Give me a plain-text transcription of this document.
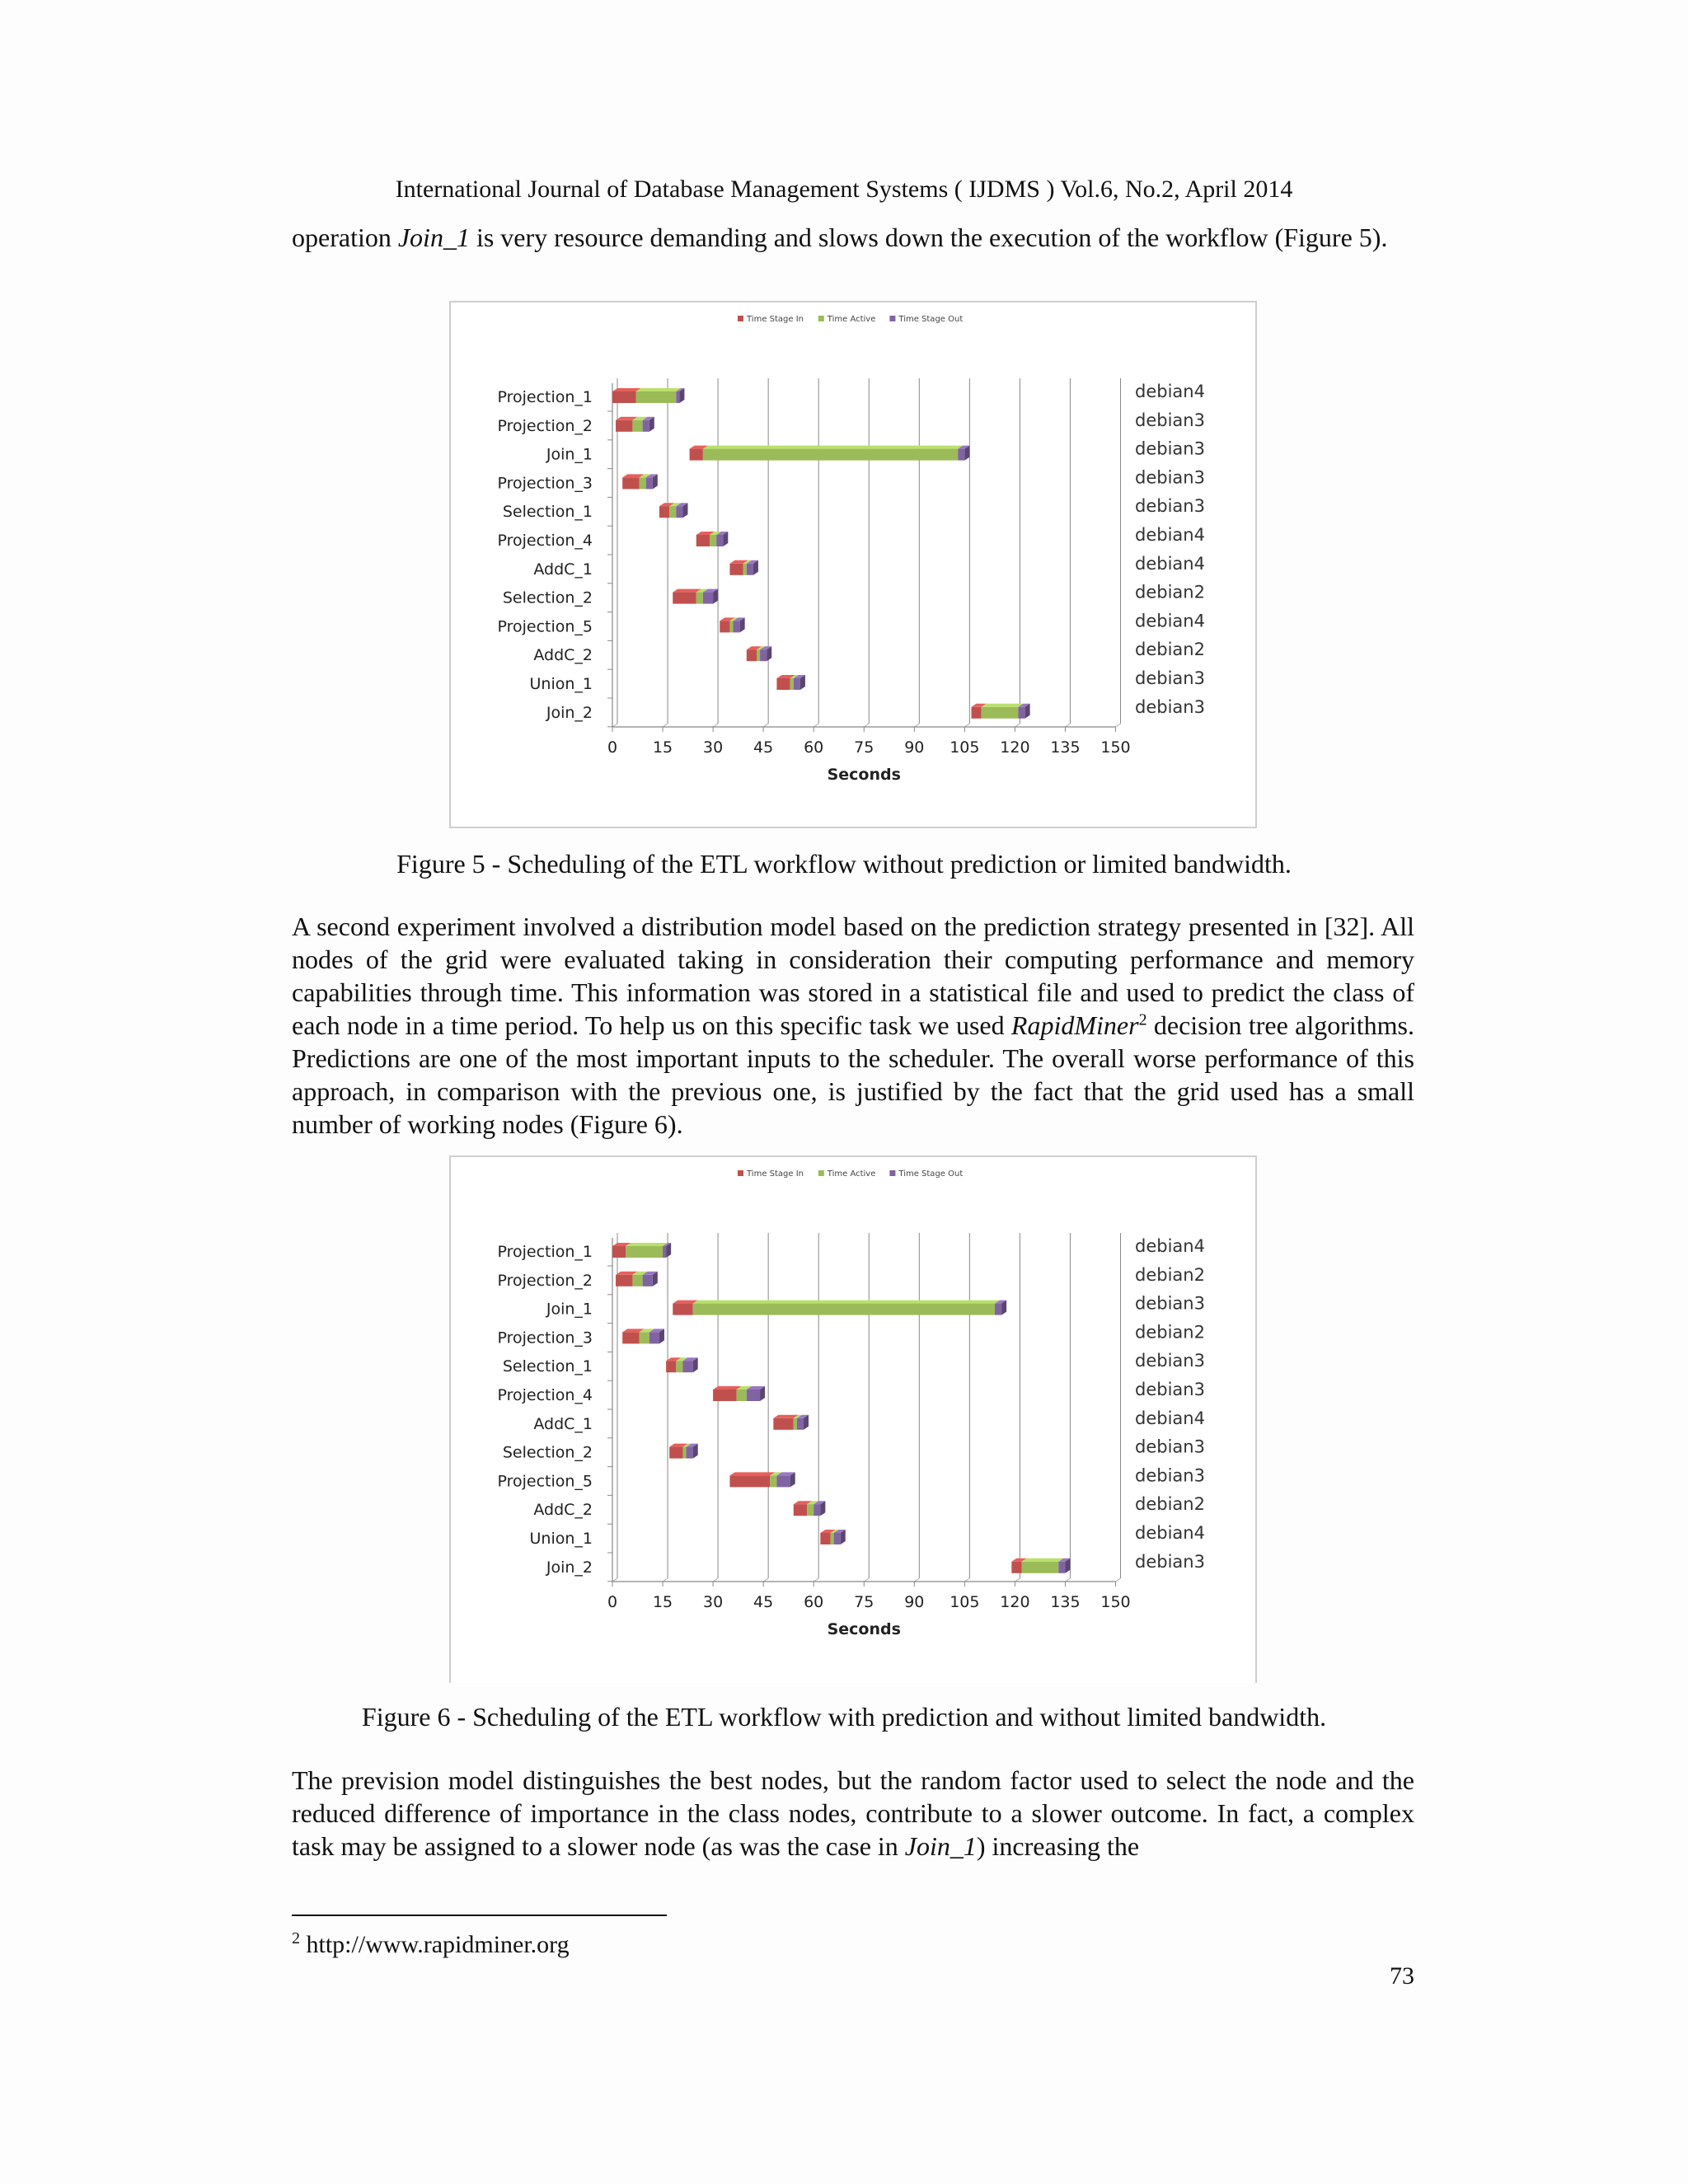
International Journal of Database Management Systems ( IJDMS ) Vol.6, No.2, April 2014

operation Join_1 is very resource demanding and slows down the execution of the workflow (Figure 5).

Time Stage In	Time Active	Time Stage Out
0 15 30 45 60 75 90 105 120 135 150
Seconds
Projection_1	debian4
Projection_2	debian3
Join_1	debian3
Projection_3	debian3
Selection_1	debian3
Projection_4	debian4
AddC_1	debian4
Selection_2	debian2
Projection_5	debian4
AddC_2	debian2
Union_1	debian3
Join_2	debian3
Figure 5 - Scheduling of the ETL workflow without prediction or limited bandwidth.

A second experiment involved a distribution model based on the prediction strategy presented in [32]. All nodes of the grid were evaluated taking in consideration their computing performance and memory capabilities through time. This information was stored in a statistical file and used to predict the class of each node in a time period. To help us on this specific task we used RapidMiner$^2$ decision tree algorithms. Predictions are one of the most important inputs to the scheduler. The overall worse performance of this approach, in comparison with the previous one, is justified by the fact that the grid used has a small number of working nodes (Figure 6).

Time Stage In	Time Active	Time Stage Out
0 15 30 45 60 75 90 105 120 135 150
Seconds
Projection_1	debian4
Projection_2	debian2
Join_1	debian3
Projection_3	debian2
Selection_1	debian3
Projection_4	debian3
AddC_1	debian4
Selection_2	debian3
Projection_5	debian3
AddC_2	debian2
Union_1	debian4
Join_2	debian3
Figure 6 - Scheduling of the ETL workflow with prediction and without limited bandwidth.

The prevision model distinguishes the best nodes, but the random factor used to select the node and the reduced difference of importance in the class nodes, contribute to a slower outcome. In fact, a complex task may be assigned to a slower node (as was the case in Join_1) increasing the

$^2$ http://www.rapidminer.org
73
